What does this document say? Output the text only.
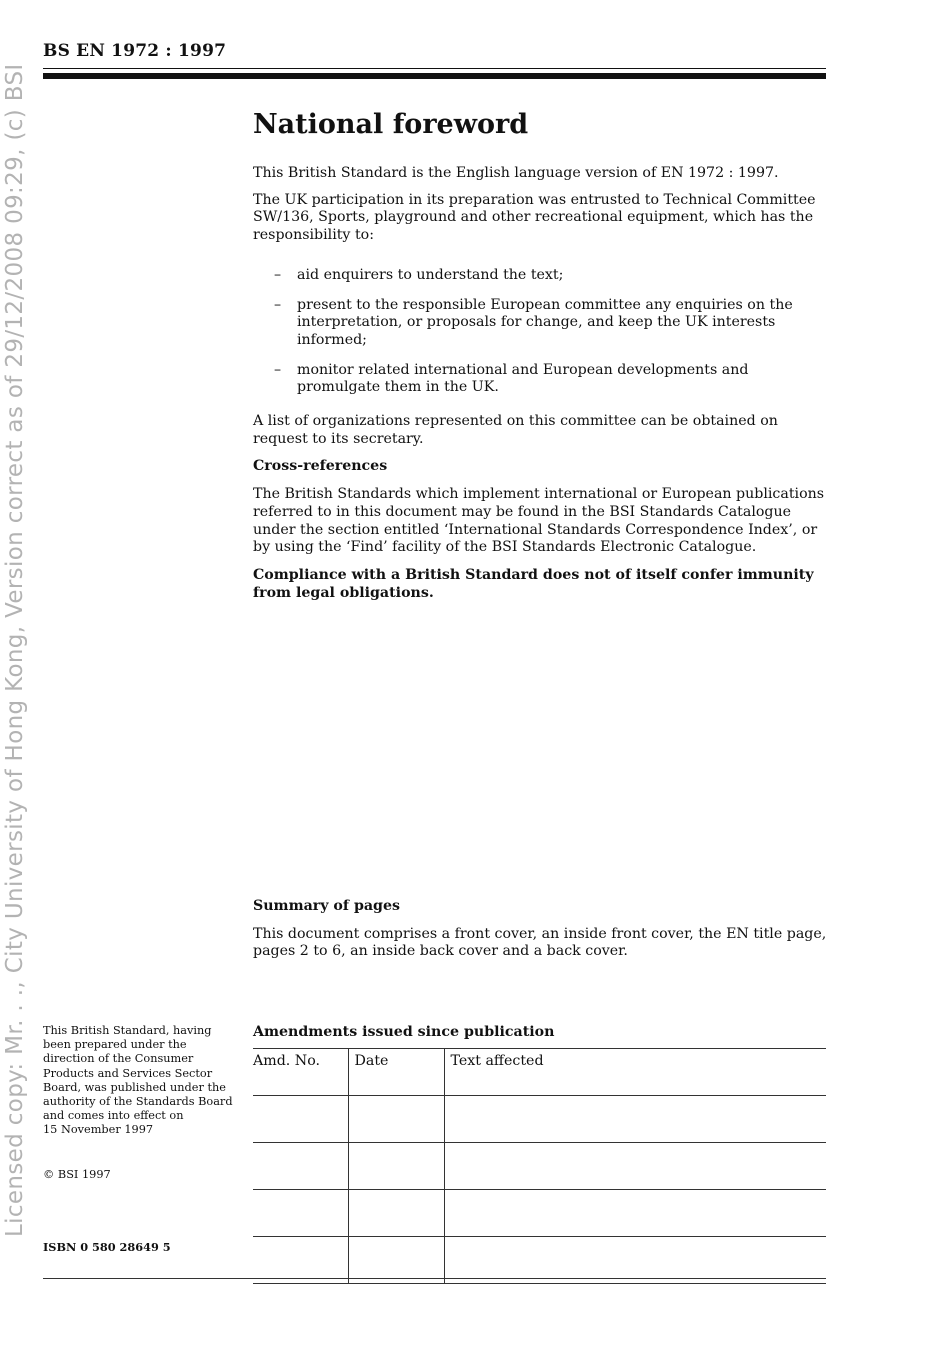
BS EN 1972 : 1997
Licensed copy: Mr. . ., City University of Hong Kong, Version correct as of 29/12/2008 09:29, (c) BSI	National foreword

This British Standard is the English language version of EN 1972 : 1997.

The UK participation in its preparation was entrusted to Technical Committee SW/136, Sports, playground and other recreational equipment, which has the responsibility to:

– aid enquirers to understand the text;
– present to the responsible European committee any enquiries on the interpretation, or proposals for change, and keep the UK interests informed;
– monitor related international and European developments and promulgate them in the UK.

A list of organizations represented on this committee can be obtained on request to its secretary.

Cross-references

The British Standards which implement international or European publications referred to in this document may be found in the BSI Standards Catalogue under the section entitled ‘International Standards Correspondence Index’, or by using the ‘Find’ facility of the BSI Standards Electronic Catalogue.

Compliance with a British Standard does not of itself confer immunity from legal obligations.

Summary of pages

This document comprises a front cover, an inside front cover, the EN title page, pages 2 to 6, an inside back cover and a back cover.

This British Standard, having
been prepared under the
direction of the Consumer
Products and Services Sector
Board, was published under the
authority of the Standards Board
and comes into effect on
15 November 1997
© BSI 1997
ISBN 0 580 28649 5
Amendments issued since publication
Amd. No.	Date	Text affected
